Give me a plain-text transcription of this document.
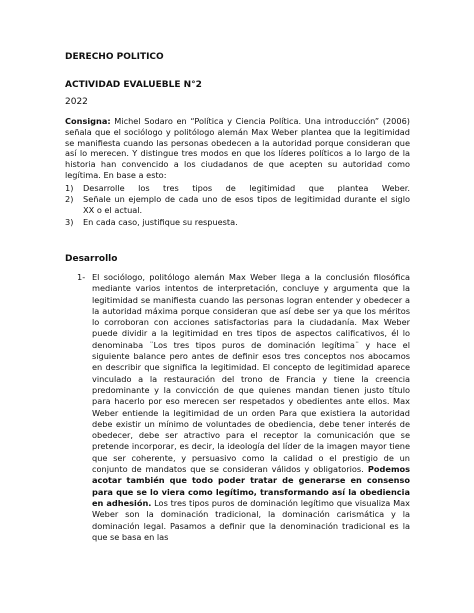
DERECHO POLITICO

ACTIVIDAD EVALUEBLE N°2

2022

Consigna: Michel Sodaro en “Política y Ciencia Política. Una introducción” (2006) señala que el sociólogo y politólogo alemán Max Weber plantea que la legitimidad se manifiesta cuando las personas obedecen a la autoridad porque consideran que así lo merecen. Y distingue tres modos en que los líderes políticos a lo largo de la historia han convencido a los ciudadanos de que acepten su autoridad como legítima. En base a esto:

1)	Desarrolle los tres tipos de legitimidad que plantea Weber.
2)	Señale un ejemplo de cada uno de esos tipos de legitimidad durante el siglo XX o el actual.
3)	En cada caso, justifique su respuesta.

Desarrollo

1- El sociólogo, politólogo alemán Max Weber llega a la conclusión filosófica mediante varios intentos de interpretación, concluye y argumenta que la legitimidad se manifiesta cuando las personas logran entender y obedecer a la autoridad máxima porque consideran que así debe ser ya que los méritos lo corroboran con acciones satisfactorias para la ciudadanía. Max Weber puede dividir a la legitimidad en tres tipos de aspectos calificativos, él lo denominaba ¨Los tres tipos puros de dominación legítima¨ y hace el siguiente balance pero antes de definir esos tres conceptos nos abocamos en describir que significa la legitimidad. El concepto de legitimidad aparece vinculado a la restauración del trono de Francia y tiene la creencia predominante y la convicción de que quienes mandan tienen justo título para hacerlo por eso merecen ser respetados y obedientes ante ellos. Max Weber entiende la legitimidad de un orden Para que existiera la autoridad debe existir un mínimo de voluntades de obediencia, debe tener interés de obedecer, debe ser atractivo para el receptor la comunicación que se pretende incorporar, es decir, la ideología del líder de la imagen mayor tiene que ser coherente, y persuasivo como la calidad o el prestigio de un conjunto de mandatos que se consideran válidos y obligatorios. Podemos acotar también que todo poder tratar de generarse en consenso para que se lo viera como legítimo, transformando así la obediencia en adhesión. Los tres tipos puros de dominación legítimo que visualiza Max Weber son la dominación tradicional, la dominación carismática y la dominación legal. Pasamos a definir que la denominación tradicional es la que se basa en las
